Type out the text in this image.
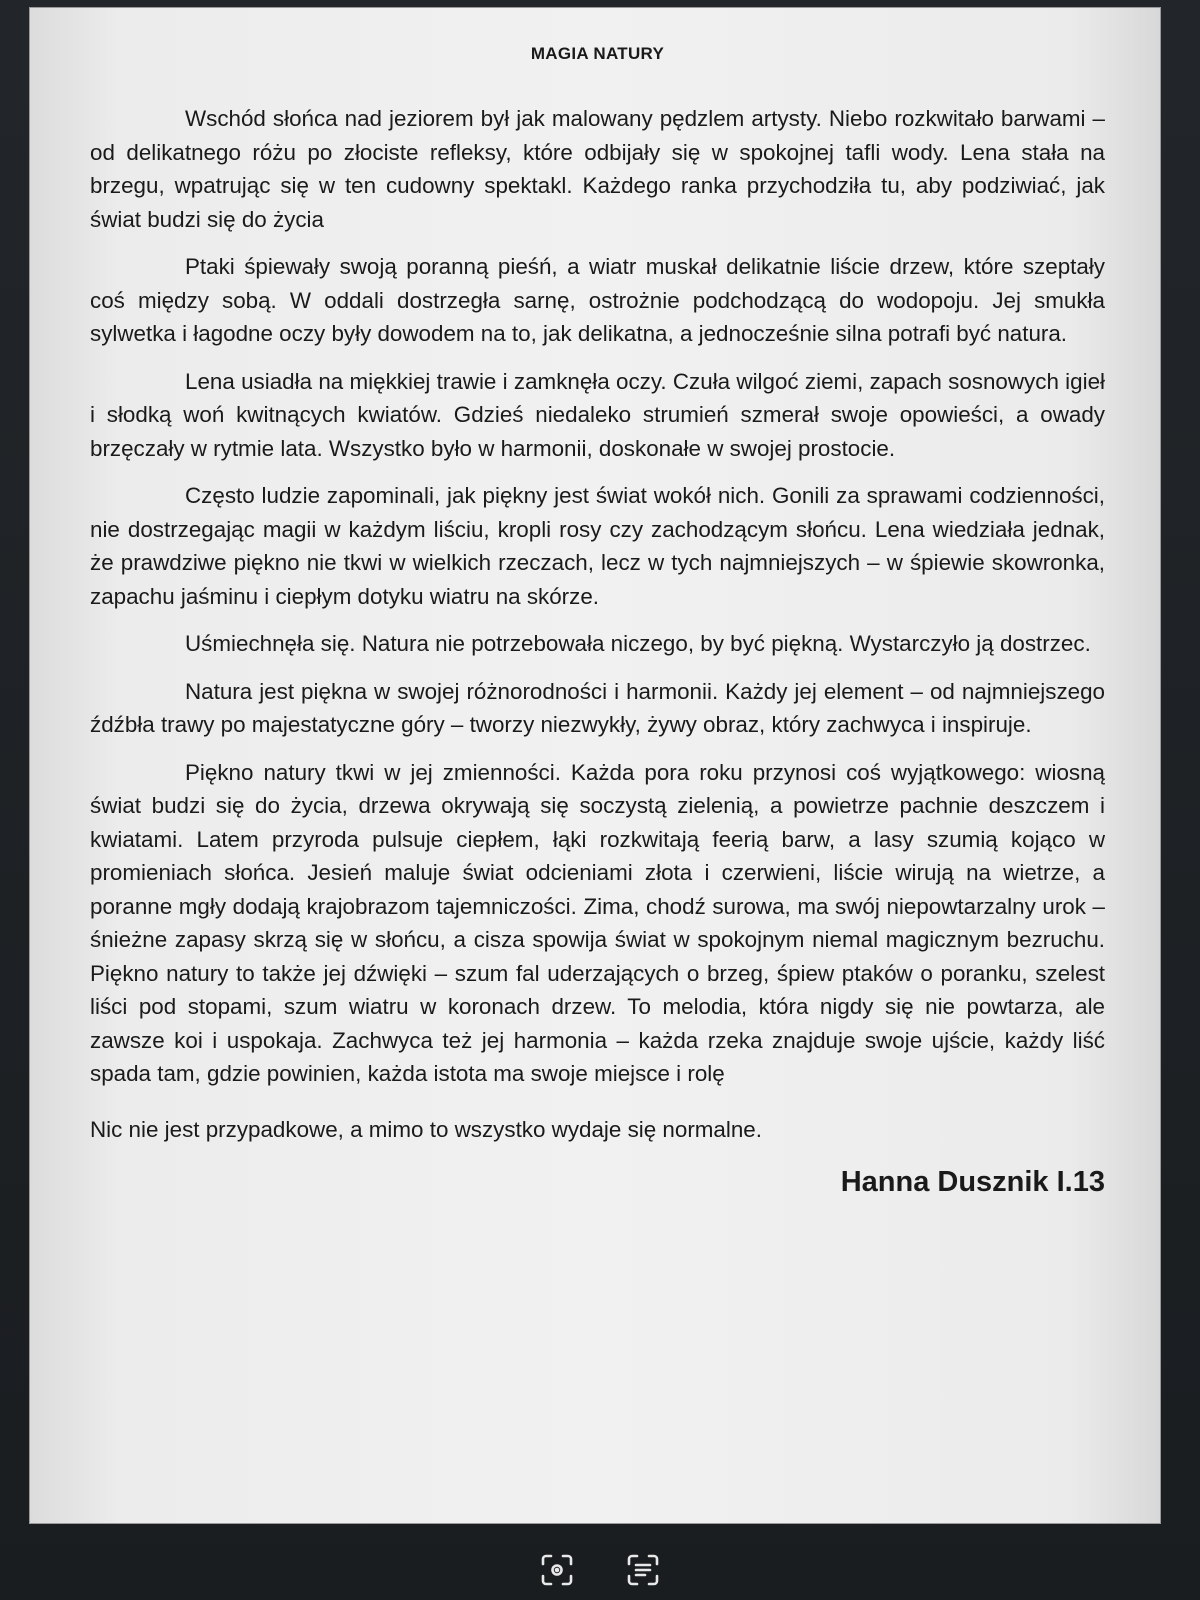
MAGIA NATURY

Wschód słońca nad jeziorem był jak malowany pędzlem artysty. Niebo rozkwitało barwami – od delikatnego różu po złociste refleksy, które odbijały się w spokojnej tafli wody. Lena stała na brzegu, wpatrując się w ten cudowny spektakl. Każdego ranka przychodziła tu, aby podziwiać, jak świat budzi się do życia

Ptaki śpiewały swoją poranną pieśń, a wiatr muskał delikatnie liście drzew, które szeptały coś między sobą. W oddali dostrzegła sarnę, ostrożnie podchodzącą do wodopoju. Jej smukła sylwetka i łagodne oczy były dowodem na to, jak delikatna, a jednocześnie silna potrafi być natura.

Lena usiadła na miękkiej trawie i zamknęła oczy. Czuła wilgoć ziemi, zapach sosnowych igieł i słodką woń kwitnących kwiatów. Gdzieś niedaleko strumień szmerał swoje opowieści, a owady brzęczały w rytmie lata. Wszystko było w harmonii, doskonałe w swojej prostocie.

Często ludzie zapominali, jak piękny jest świat wokół nich. Gonili za sprawami codzienności, nie dostrzegając magii w każdym liściu, kropli rosy czy zachodzącym słońcu. Lena wiedziała jednak, że prawdziwe piękno nie tkwi w wielkich rzeczach, lecz w tych najmniejszych – w śpiewie skowronka, zapachu jaśminu i ciepłym dotyku wiatru na skórze.

Uśmiechnęła się. Natura nie potrzebowała niczego, by być piękną. Wystarczyło ją dostrzec.

Natura jest piękna w swojej różnorodności i harmonii. Każdy jej element – od najmniejszego źdźbła trawy po majestatyczne góry – tworzy niezwykły, żywy obraz, który zachwyca i inspiruje.

Piękno natury tkwi w jej zmienności. Każda pora roku przynosi coś wyjątkowego: wiosną świat budzi się do życia, drzewa okrywają się soczystą zielenią, a powietrze pachnie deszczem i kwiatami. Latem przyroda pulsuje ciepłem, łąki rozkwitają feerią barw, a lasy szumią kojąco w promieniach słońca. Jesień maluje świat odcieniami złota i czerwieni, liście wirują na wietrze, a poranne mgły dodają krajobrazom tajemniczości. Zima, chodź surowa, ma swój niepowtarzalny urok – śnieżne zapasy skrzą się w słońcu, a cisza spowija świat w spokojnym niemal magicznym bezruchu. Piękno natury to także jej dźwięki – szum fal uderzających o brzeg, śpiew ptaków o poranku, szelest liści pod stopami, szum wiatru w koronach drzew. To melodia, która nigdy się nie powtarza, ale zawsze koi i uspokaja. Zachwyca też jej harmonia – każda rzeka znajduje swoje ujście, każdy liść spada tam, gdzie powinien, każda istota ma swoje miejsce i rolę

Nic nie jest przypadkowe, a mimo to wszystko wydaje się normalne.

Hanna Dusznik I.13
